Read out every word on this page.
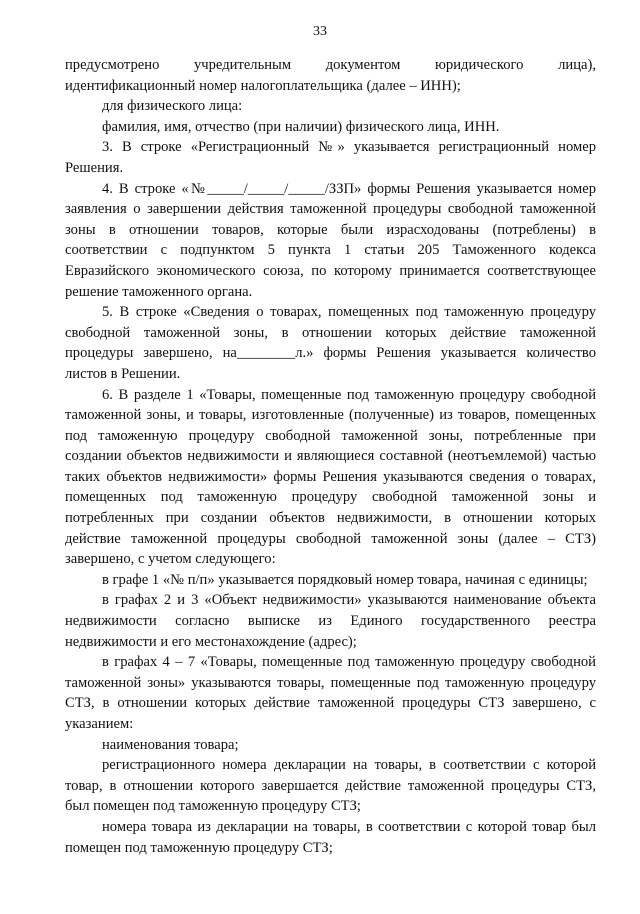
33

предусмотрено учредительным документом юридического лица), идентификационный номер налогоплательщика (далее – ИНН);

для физического лица:

фамилия, имя, отчество (при наличии) физического лица, ИНН.

3. В строке «Регистрационный №» указывается регистрационный номер Решения.

4. В строке «№_____/_____/_____/ЗЗП» формы Решения указывается номер заявления о завершении действия таможенной процедуры свободной таможенной зоны в отношении товаров, которые были израсходованы (потреблены) в соответствии с подпунктом 5 пункта 1 статьи 205 Таможенного кодекса Евразийского экономического союза, по которому принимается соответствующее решение таможенного органа.

5. В строке «Сведения о товарах, помещенных под таможенную процедуру свободной таможенной зоны, в отношении которых действие таможенной процедуры завершено, на________л.» формы Решения указывается количество листов в Решении.

6. В разделе 1 «Товары, помещенные под таможенную процедуру свободной таможенной зоны, и товары, изготовленные (полученные) из товаров, помещенных под таможенную процедуру свободной таможенной зоны, потребленные при создании объектов недвижимости и являющиеся составной (неотъемлемой) частью таких объектов недвижимости» формы Решения указываются сведения о товарах, помещенных под таможенную процедуру свободной таможенной зоны и потребленных при создании объектов недвижимости, в отношении которых действие таможенной процедуры свободной таможенной зоны (далее – СТЗ) завершено, с учетом следующего:

в графе 1 «№ п/п» указывается порядковый номер товара, начиная с единицы;

в графах 2 и 3 «Объект недвижимости» указываются наименование объекта недвижимости согласно выписке из Единого государственного реестра недвижимости и его местонахождение (адрес);

в графах 4 – 7 «Товары, помещенные под таможенную процедуру свободной таможенной зоны» указываются товары, помещенные под таможенную процедуру СТЗ, в отношении которых действие таможенной процедуры СТЗ завершено, с указанием:

наименования товара;

регистрационного номера декларации на товары, в соответствии с которой товар, в отношении которого завершается действие таможенной процедуры СТЗ, был помещен под таможенную процедуру СТЗ;

номера товара из декларации на товары, в соответствии с которой товар был помещен под таможенную процедуру СТЗ;
